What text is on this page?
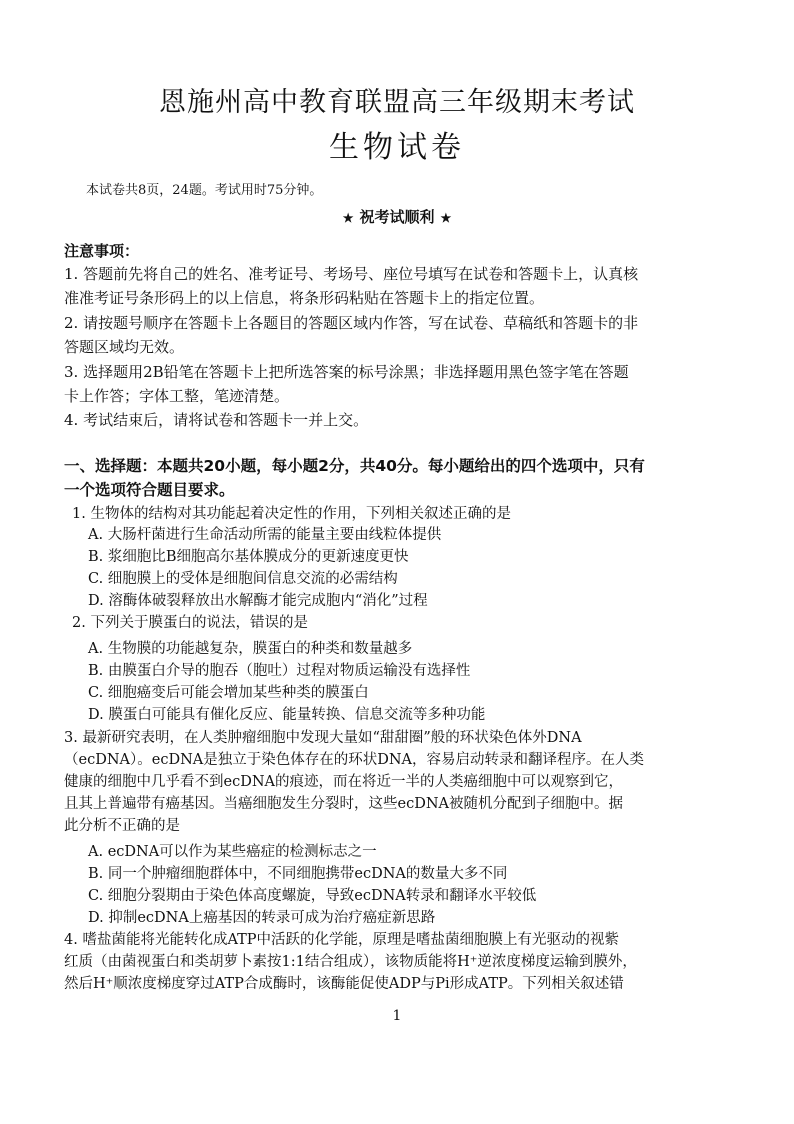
恩施州高中教育联盟高三年级期末考试
生物试卷
本试卷共8页，24题。考试用时75分钟。
★ 祝考试顺利 ★
注意事项：
1. 答题前先将自己的姓名、准考证号、考场号、座位号填写在试卷和答题卡上，认真核
准准考证号条形码上的以上信息，将条形码粘贴在答题卡上的指定位置。
2. 请按题号顺序在答题卡上各题目的答题区域内作答，写在试卷、草稿纸和答题卡的非
答题区域均无效。
3. 选择题用2B铅笔在答题卡上把所选答案的标号涂黑；非选择题用黑色签字笔在答题
卡上作答；字体工整，笔迹清楚。
4. 考试结束后，请将试卷和答题卡一并上交。
一、选择题：本题共20小题，每小题2分，共40分。每小题给出的四个选项中，只有
一个选项符合题目要求。
1. 生物体的结构对其功能起着决定性的作用，下列相关叙述正确的是
A. 大肠杆菌进行生命活动所需的能量主要由线粒体提供
B. 浆细胞比B细胞高尔基体膜成分的更新速度更快
C. 细胞膜上的受体是细胞间信息交流的必需结构
D. 溶酶体破裂释放出水解酶才能完成胞内“消化”过程
2. 下列关于膜蛋白的说法，错误的是
A. 生物膜的功能越复杂，膜蛋白的种类和数量越多
B. 由膜蛋白介导的胞吞（胞吐）过程对物质运输没有选择性
C. 细胞癌变后可能会增加某些种类的膜蛋白
D. 膜蛋白可能具有催化反应、能量转换、信息交流等多种功能
3. 最新研究表明，在人类肿瘤细胞中发现大量如“甜甜圈”般的环状染色体外DNA
（ecDNA）。ecDNA是独立于染色体存在的环状DNA，容易启动转录和翻译程序。在人类
健康的细胞中几乎看不到ecDNA的痕迹，而在将近一半的人类癌细胞中可以观察到它，
且其上普遍带有癌基因。当癌细胞发生分裂时，这些ecDNA被随机分配到子细胞中。据
此分析不正确的是
A. ecDNA可以作为某些癌症的检测标志之一
B. 同一个肿瘤细胞群体中，不同细胞携带ecDNA的数量大多不同
C. 细胞分裂期由于染色体高度螺旋，导致ecDNA转录和翻译水平较低
D. 抑制ecDNA上癌基因的转录可成为治疗癌症新思路
4. 嗜盐菌能将光能转化成ATP中活跃的化学能，原理是嗜盐菌细胞膜上有光驱动的视紫
红质（由菌视蛋白和类胡萝卜素按1:1结合组成），该物质能将H⁺逆浓度梯度运输到膜外，
然后H⁺顺浓度梯度穿过ATP合成酶时，该酶能促使ADP与Pi形成ATP。下列相关叙述错
1
